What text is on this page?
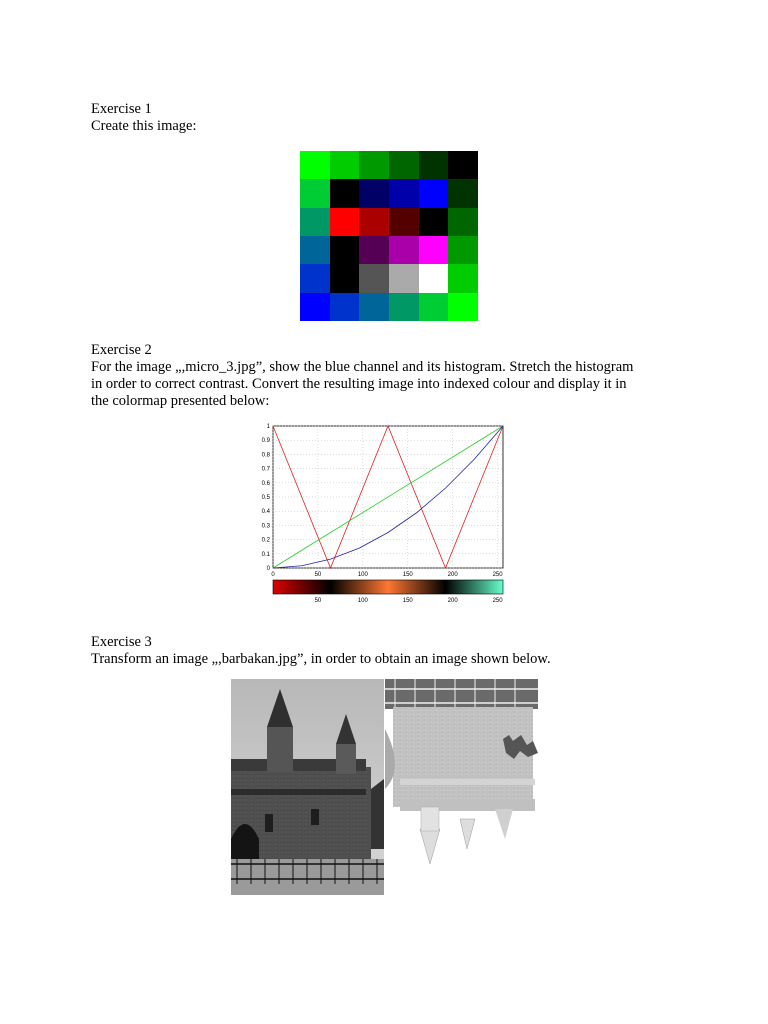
Exercise 1
Create this image:
Exercise 2
For the image „,micro_3.jpg”, show the blue channel and its histogram. Stretch the histogram
in order to correct contrast. Convert the resulting image into indexed colour and display it in
the colormap presented below:
0	50	100	150	200	250
0
0.1
0.2
0.3
0.4
0.5
0.6
0.7
0.8
0.9
1
50	100	150	200	250
Exercise 3
Transform an image „,barbakan.jpg”, in order to obtain an image shown below.
